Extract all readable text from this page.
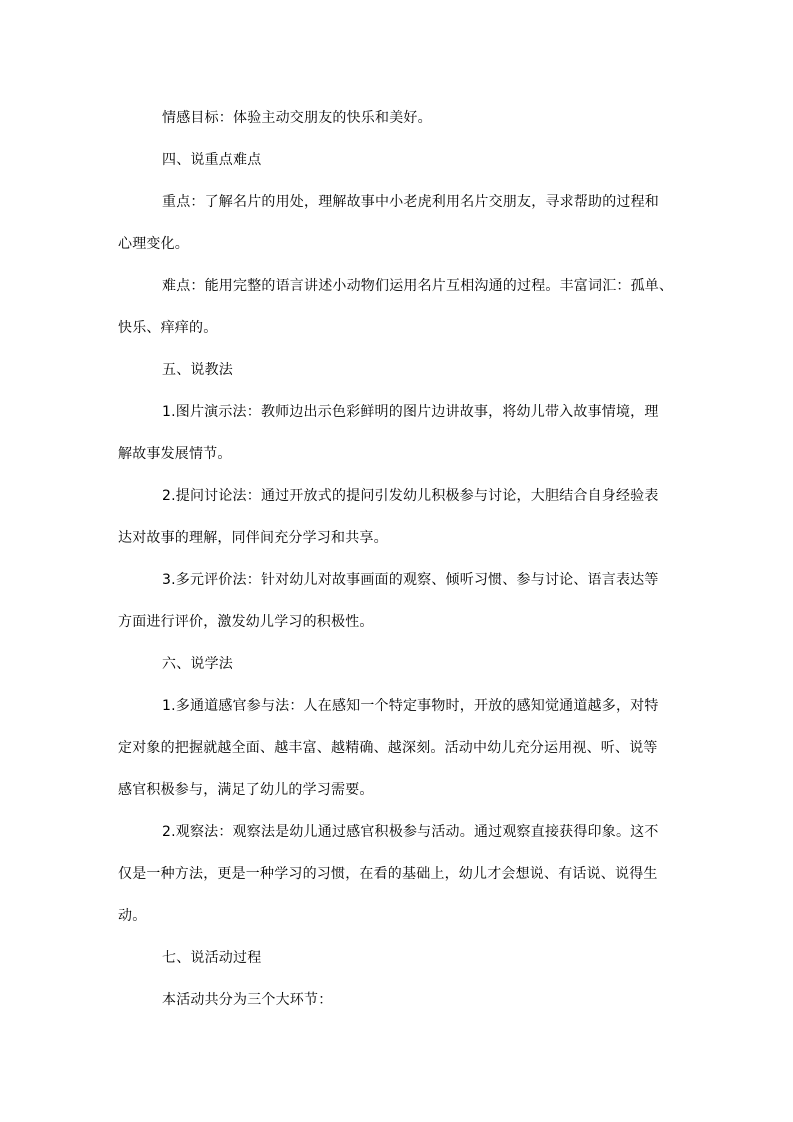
情感目标：体验主动交朋友的快乐和美好。
四、说重点难点
重点：了解名片的用处，理解故事中小老虎利用名片交朋友，寻求帮助的过程和
心理变化。
难点：能用完整的语言讲述小动物们运用名片互相沟通的过程。丰富词汇：孤单、
快乐、痒痒的。
五、说教法
1.图片演示法：教师边出示色彩鲜明的图片边讲故事，将幼儿带入故事情境，理
解故事发展情节。
2.提问讨论法：通过开放式的提问引发幼儿积极参与讨论，大胆结合自身经验表
达对故事的理解，同伴间充分学习和共享。
3.多元评价法：针对幼儿对故事画面的观察、倾听习惯、参与讨论、语言表达等
方面进行评价，激发幼儿学习的积极性。
六、说学法
1.多通道感官参与法：人在感知一个特定事物时，开放的感知觉通道越多，对特
定对象的把握就越全面、越丰富、越精确、越深刻。活动中幼儿充分运用视、听、说等
感官积极参与，满足了幼儿的学习需要。
2.观察法：观察法是幼儿通过感官积极参与活动。通过观察直接获得印象。这不
仅是一种方法，更是一种学习的习惯，在看的基础上，幼儿才会想说、有话说、说得生
动。
七、说活动过程
本活动共分为三个大环节：
